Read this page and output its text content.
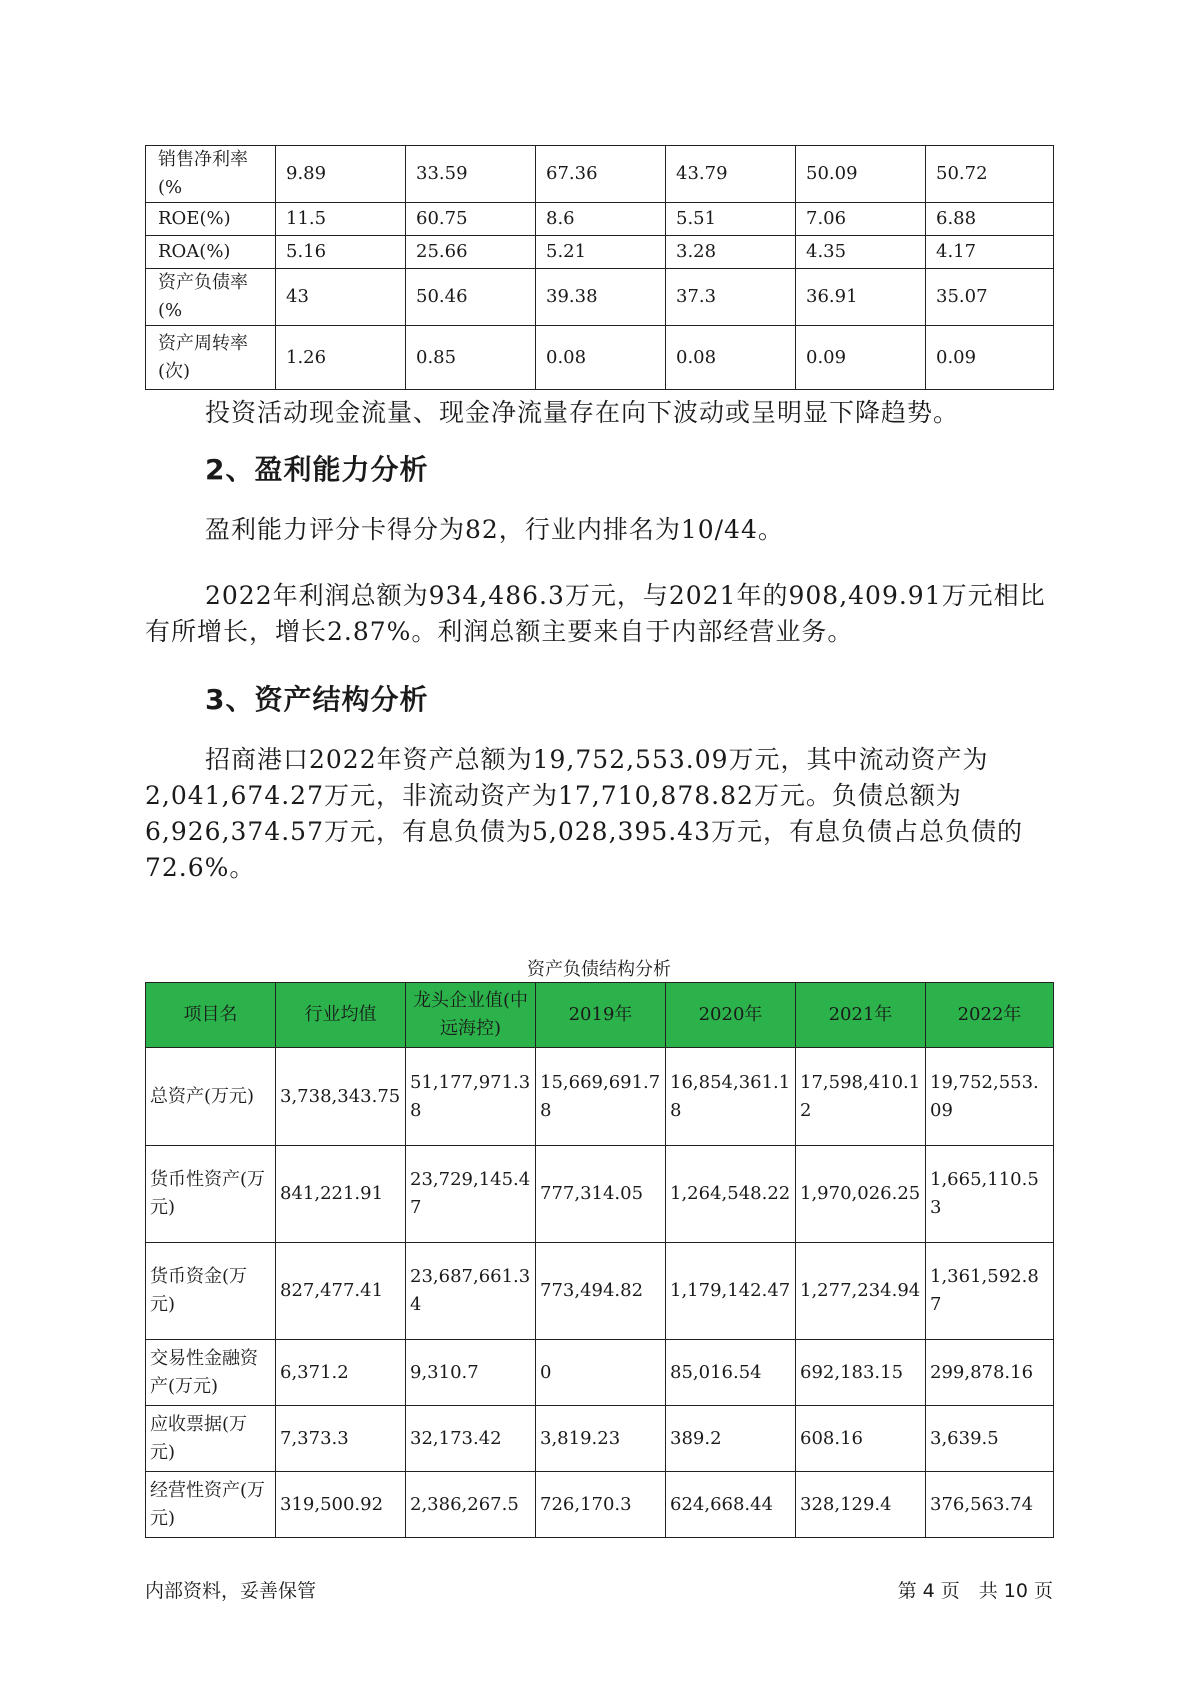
销售净利率(%	9.89	33.59	67.36	43.79	50.09	50.72
ROE(%)	11.5	60.75	8.6	5.51	7.06	6.88
ROA(%)	5.16	25.66	5.21	3.28	4.35	4.17
资产负债率(%	43	50.46	39.38	37.3	36.91	35.07
资产周转率(次)	1.26	0.85	0.08	0.08	0.09	0.09
投资活动现金流量、现金净流量存在向下波动或呈明显下降趋势。
2、盈利能力分析
盈利能力评分卡得分为82，行业内排名为10/44。
2022年利润总额为934,486.3万元，与2021年的908,409.91万元相比有所增长，增长2.87%。利润总额主要来自于内部经营业务。
3、资产结构分析
招商港口2022年资产总额为19,752,553.09万元，其中流动资产为2,041,674.27万元，非流动资产为17,710,878.82万元。负债总额为6,926,374.57万元，有息负债为5,028,395.43万元，有息负债占总负债的72.6%。
资产负债结构分析
项目名	行业均值	龙头企业值(中远海控)	2019年	2020年	2021年	2022年
总资产(万元)	3,738,343.75	51,177,971.38	15,669,691.78	16,854,361.18	17,598,410.12	19,752,553.09
货币性资产(万元)	841,221.91	23,729,145.47	777,314.05	1,264,548.22	1,970,026.25	1,665,110.53
货币资金(万元)	827,477.41	23,687,661.34	773,494.82	1,179,142.47	1,277,234.94	1,361,592.87
交易性金融资产(万元)	6,371.2	9,310.7	0	85,016.54	692,183.15	299,878.16
应收票据(万元)	7,373.3	32,173.42	3,819.23	389.2	608.16	3,639.5
经营性资产(万元)	319,500.92	2,386,267.5	726,170.3	624,668.44	328,129.4	376,563.74
内部资料，妥善保管	第 4 页　共 10 页
